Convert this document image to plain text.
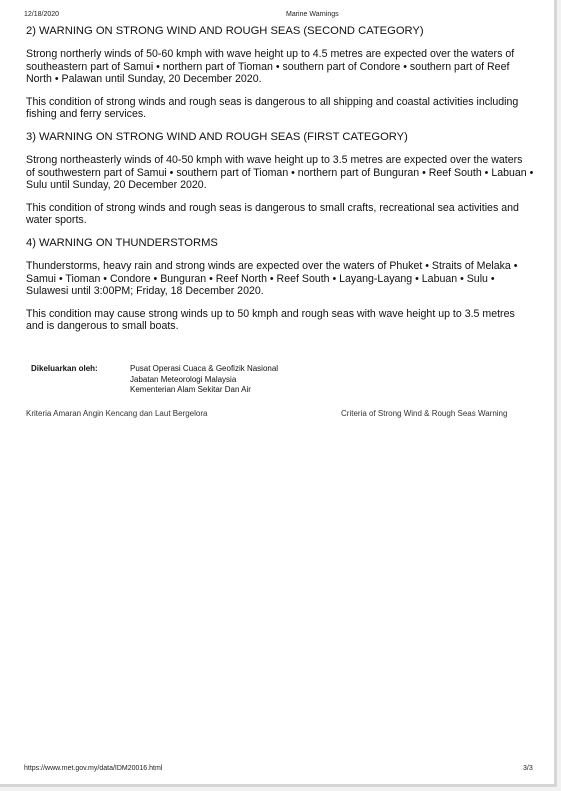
12/18/2020	Marine Warnings
2) WARNING ON STRONG WIND AND ROUGH SEAS (SECOND CATEGORY)

Strong northerly winds of 50-60 kmph with wave height up to 4.5 metres are expected over the waters of southeastern part of Samui • northern part of Tioman • southern part of Condore • southern part of Reef North • Palawan until Sunday, 20 December 2020.

This condition of strong winds and rough seas is dangerous to all shipping and coastal activities including fishing and ferry services.

3) WARNING ON STRONG WIND AND ROUGH SEAS (FIRST CATEGORY)

Strong northeasterly winds of 40-50 kmph with wave height up to 3.5 metres are expected over the waters of southwestern part of Samui • southern part of Tioman • northern part of Bunguran • Reef South • Labuan • Sulu until Sunday, 20 December 2020.

This condition of strong winds and rough seas is dangerous to small crafts, recreational sea activities and water sports.

4) WARNING ON THUNDERSTORMS

Thunderstorms, heavy rain and strong winds are expected over the waters of Phuket • Straits of Melaka • Samui • Tioman • Condore • Bunguran • Reef North • Reef South • Layang-Layang • Labuan • Sulu • Sulawesi until 3:00PM; Friday, 18 December 2020.

This condition may cause strong winds up to 50 kmph and rough seas with wave height up to 3.5 metres and is dangerous to small boats.

Dikeluarkan oleh:	Pusat Operasi Cuaca & Geofizik Nasional
Jabatan Meteorologi Malaysia
Kementerian Alam Sekitar Dan Air
Kriteria Amaran Angin Kencang dan Laut Bergelora	Criteria of Strong Wind & Rough Seas Warning
https://www.met.gov.my/data/IDM20016.html	3/3
